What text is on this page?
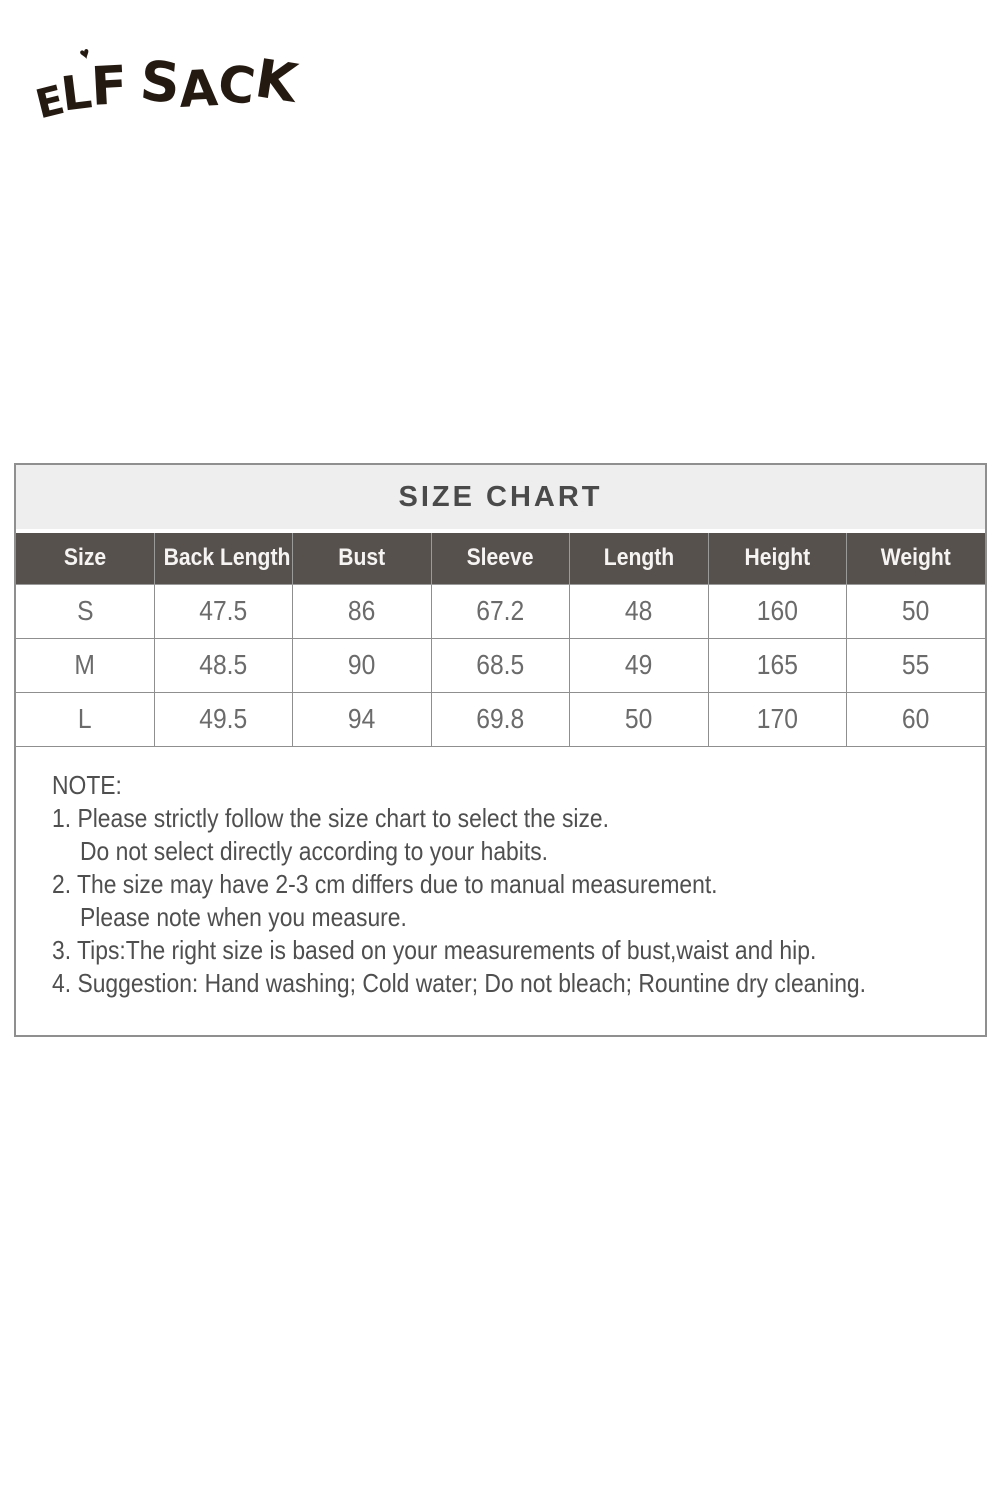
♥
E
L
F S
A
C
K
SIZE CHART
Size	Back Length	Bust	Sleeve	Length	Height	Weight
S	47.5	86	67.2	48	160	50
M	48.5	90	68.5	49	165	55
L	49.5	94	69.8	50	170	60
NOTE:
1. Please strictly follow the size chart to select the size.
Do not select directly according to your habits.
2. The size may have 2-3 cm differs due to manual measurement.
Please note when you measure.
3. Tips:The right size is based on your measurements of bust,waist and hip.
4. Suggestion: Hand washing; Cold water; Do not bleach; Rountine dry cleaning.
